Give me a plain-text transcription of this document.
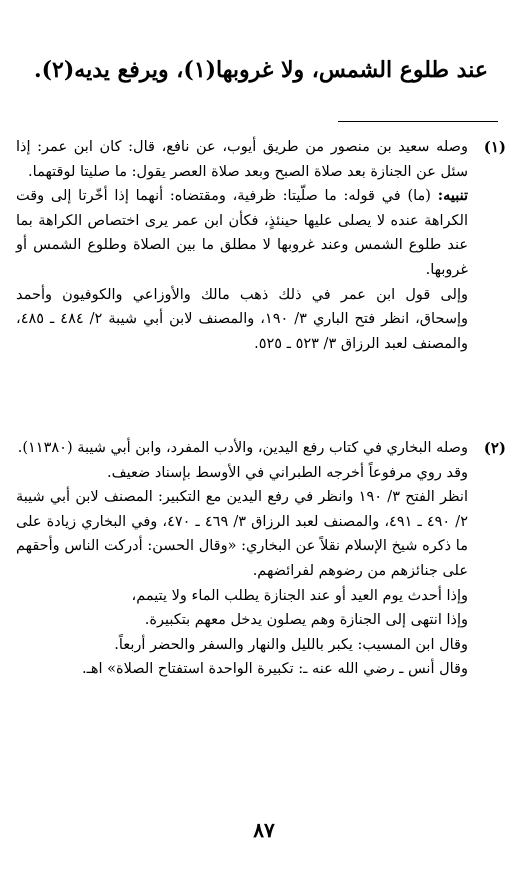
عند طلوع الشمس، ولا غروبها(١)، ويرفع يديه(٢).
(١)

وصله سعيد بن منصور من طريق أيوب، عن نافع، قال: كان ابن عمر: إذا سئل عن الجنازة بعد صلاة الصبح وبعد صلاة العصر يقول: ما صليتا لوقتهما.

تنبيه: (ما) في قوله: ما صلّيتا: ظرفية، ومقتضاه: أنهما إذا أخّرتا إلى وقت الكراهة عنده لا يصلى عليها حينئذٍ، فكأن ابن عمر يرى اختصاص الكراهة بما عند طلوع الشمس وعند غروبها لا مطلق ما بين الصلاة وطلوع الشمس أو غروبها.

وإلى قول ابن عمر في ذلك ذهب مالك والأوزاعي والكوفيون وأحمد وإسحاق، انظر فتح الباري ٣/ ١٩٠، والمصنف لابن أبي شيبة ٢/ ٤٨٤ ـ ٤٨٥، والمصنف لعبد الرزاق ٣/ ٥٢٣ ـ ٥٢٥.

(٢)

وصله البخاري في كتاب رفع اليدين، والأدب المفرد، وابن أبي شيبة (١١٣٨٠).

وقد روي مرفوعاً أخرجه الطبراني في الأوسط بإسناد ضعيف.

انظر الفتح ٣/ ١٩٠ وانظر في رفع اليدين مع التكبير: المصنف لابن أبي شيبة ٢/ ٤٩٠ ـ ٤٩١، والمصنف لعبد الرزاق ٣/ ٤٦٩ ـ ٤٧٠، وفي البخاري زيادة على ما ذكره شيخ الإسلام نقلاً عن البخاري: «وقال الحسن: أدركت الناس وأحقهم على جنائزهم من رضوهم لفرائضهم.

وإذا أحدث يوم العيد أو عند الجنازة يطلب الماء ولا يتيمم،

وإذا انتهى إلى الجنازة وهم يصلون يدخل معهم بتكبيرة.

وقال ابن المسيب: يكبر بالليل والنهار والسفر والحضر أربعاً.

وقال أنس ـ رضي الله عنه ـ: تكبيرة الواحدة استفتاح الصلاة» اهـ.

٨٧
